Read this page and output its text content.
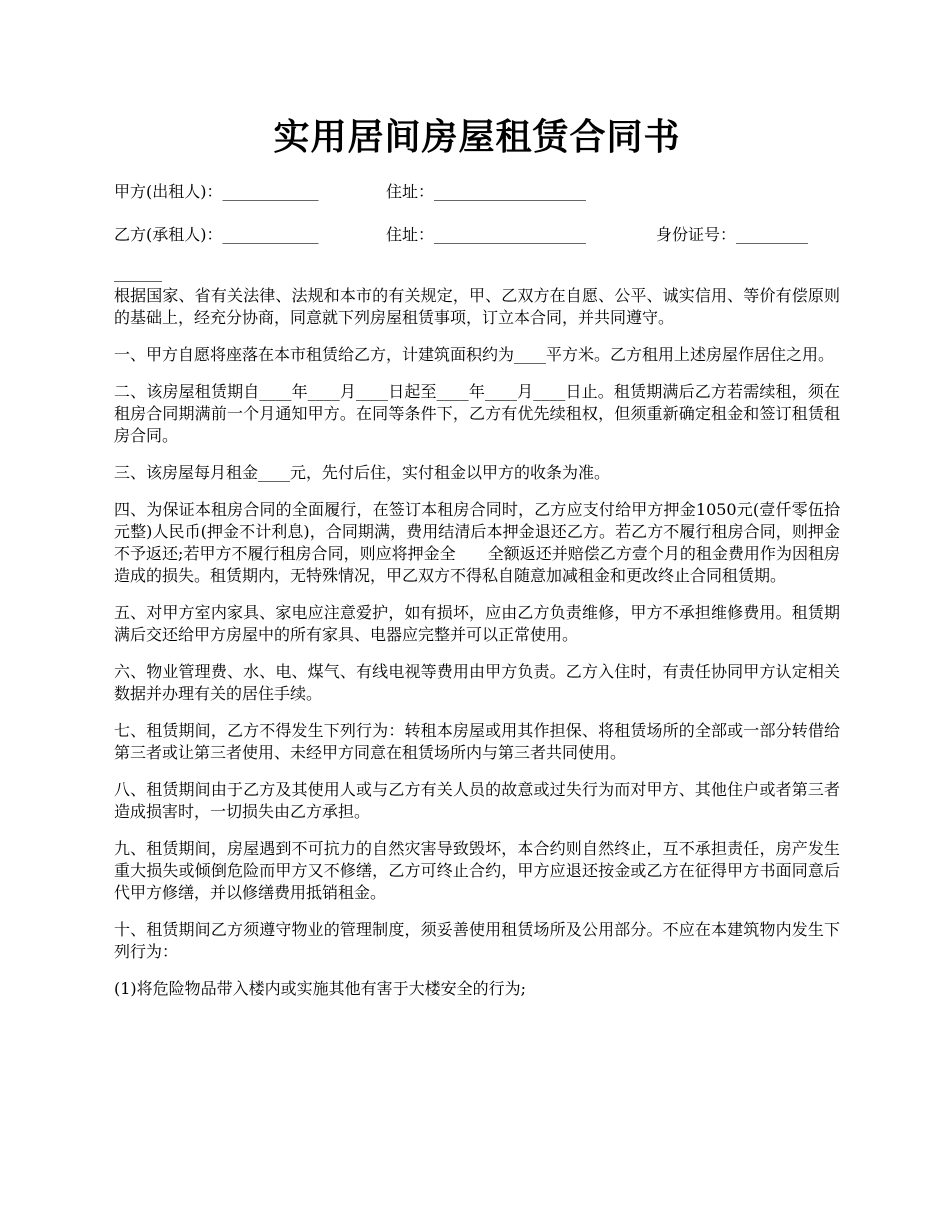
实用居间房屋租赁合同书
甲方(出租人)：____________	住址：___________________
乙方(承租人)：____________	住址：___________________	身份证号：_________
______

根据国家、省有关法律、法规和本市的有关规定，甲、乙双方在自愿、公平、诚实信用、等价有偿原则的基础上，经充分协商，同意就下列房屋租赁事项，订立本合同，并共同遵守。

一、甲方自愿将座落在本市租赁给乙方，计建筑面积约为____平方米。乙方租用上述房屋作居住之用。

二、该房屋租赁期自____年____月____日起至____年____月____日止。租赁期满后乙方若需续租，须在租房合同期满前一个月通知甲方。在同等条件下，乙方有优先续租权，但须重新确定租金和签订租赁租房合同。

三、该房屋每月租金____元，先付后住，实付租金以甲方的收条为准。

四、为保证本租房合同的全面履行，在签订本租房合同时，乙方应支付给甲方押金1050元(壹仟零伍拾元整)人民币(押金不计利息)，合同期满，费用结清后本押金退还乙方。若乙方不履行租房合同，则押金不予返还;若甲方不履行租房合同，则应将押金全　　全额返还并赔偿乙方壹个月的租金费用作为因租房造成的损失。租赁期内，无特殊情况，甲乙双方不得私自随意加减租金和更改终止合同租赁期。

五、对甲方室内家具、家电应注意爱护，如有损坏，应由乙方负责维修，甲方不承担维修费用。租赁期满后交还给甲方房屋中的所有家具、电器应完整并可以正常使用。

六、物业管理费、水、电、煤气、有线电视等费用由甲方负责。乙方入住时，有责任协同甲方认定相关数据并办理有关的居住手续。

七、租赁期间，乙方不得发生下列行为：转租本房屋或用其作担保、将租赁场所的全部或一部分转借给第三者或让第三者使用、未经甲方同意在租赁场所内与第三者共同使用。

八、租赁期间由于乙方及其使用人或与乙方有关人员的故意或过失行为而对甲方、其他住户或者第三者造成损害时，一切损失由乙方承担。

九、租赁期间，房屋遇到不可抗力的自然灾害导致毁坏，本合约则自然终止，互不承担责任，房产发生重大损失或倾倒危险而甲方又不修缮，乙方可终止合约，甲方应退还按金或乙方在征得甲方书面同意后代甲方修缮，并以修缮费用抵销租金。

十、租赁期间乙方须遵守物业的管理制度，须妥善使用租赁场所及公用部分。不应在本建筑物内发生下列行为：

(1)将危险物品带入楼内或实施其他有害于大楼安全的行为;
